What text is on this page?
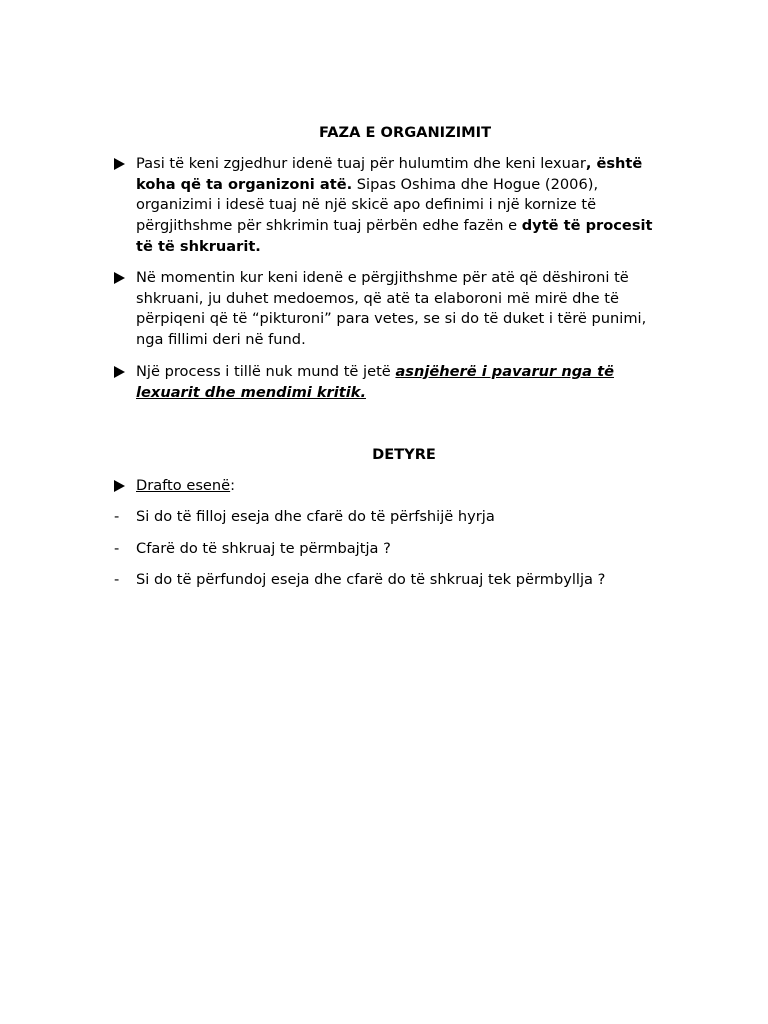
FAZA E ORGANIZIMIT
Pasi të keni zgjedhur idenë tuaj për hulumtim dhe keni lexuar, është koha që ta organizoni atë. Sipas Oshima dhe Hogue (2006), organizimi i idesë tuaj në një skicë apo definimi i një kornize të përgjithshme për shkrimin tuaj përbën edhe fazën e dytë të procesit të të shkruarit.
Në momentin kur keni idenë e përgjithshme për atë që dëshironi të shkruani, ju duhet medoemos, që atë ta elaboroni më mirë dhe të përpiqeni që të “pikturoni” para vetes, se si do të duket i tërë punimi, nga fillimi deri në fund.
Një process i tillë nuk mund të jetë asnjëherë i pavarur nga të lexuarit dhe mendimi kritik.
DETYRE
Drafto esenë:
-	Si do të filloj eseja dhe cfarë do të përfshijë hyrja
-	Cfarë do të shkruaj te përmbajtja ?
-	Si do të përfundoj eseja dhe cfarë do të shkruaj tek përmbyllja ?
